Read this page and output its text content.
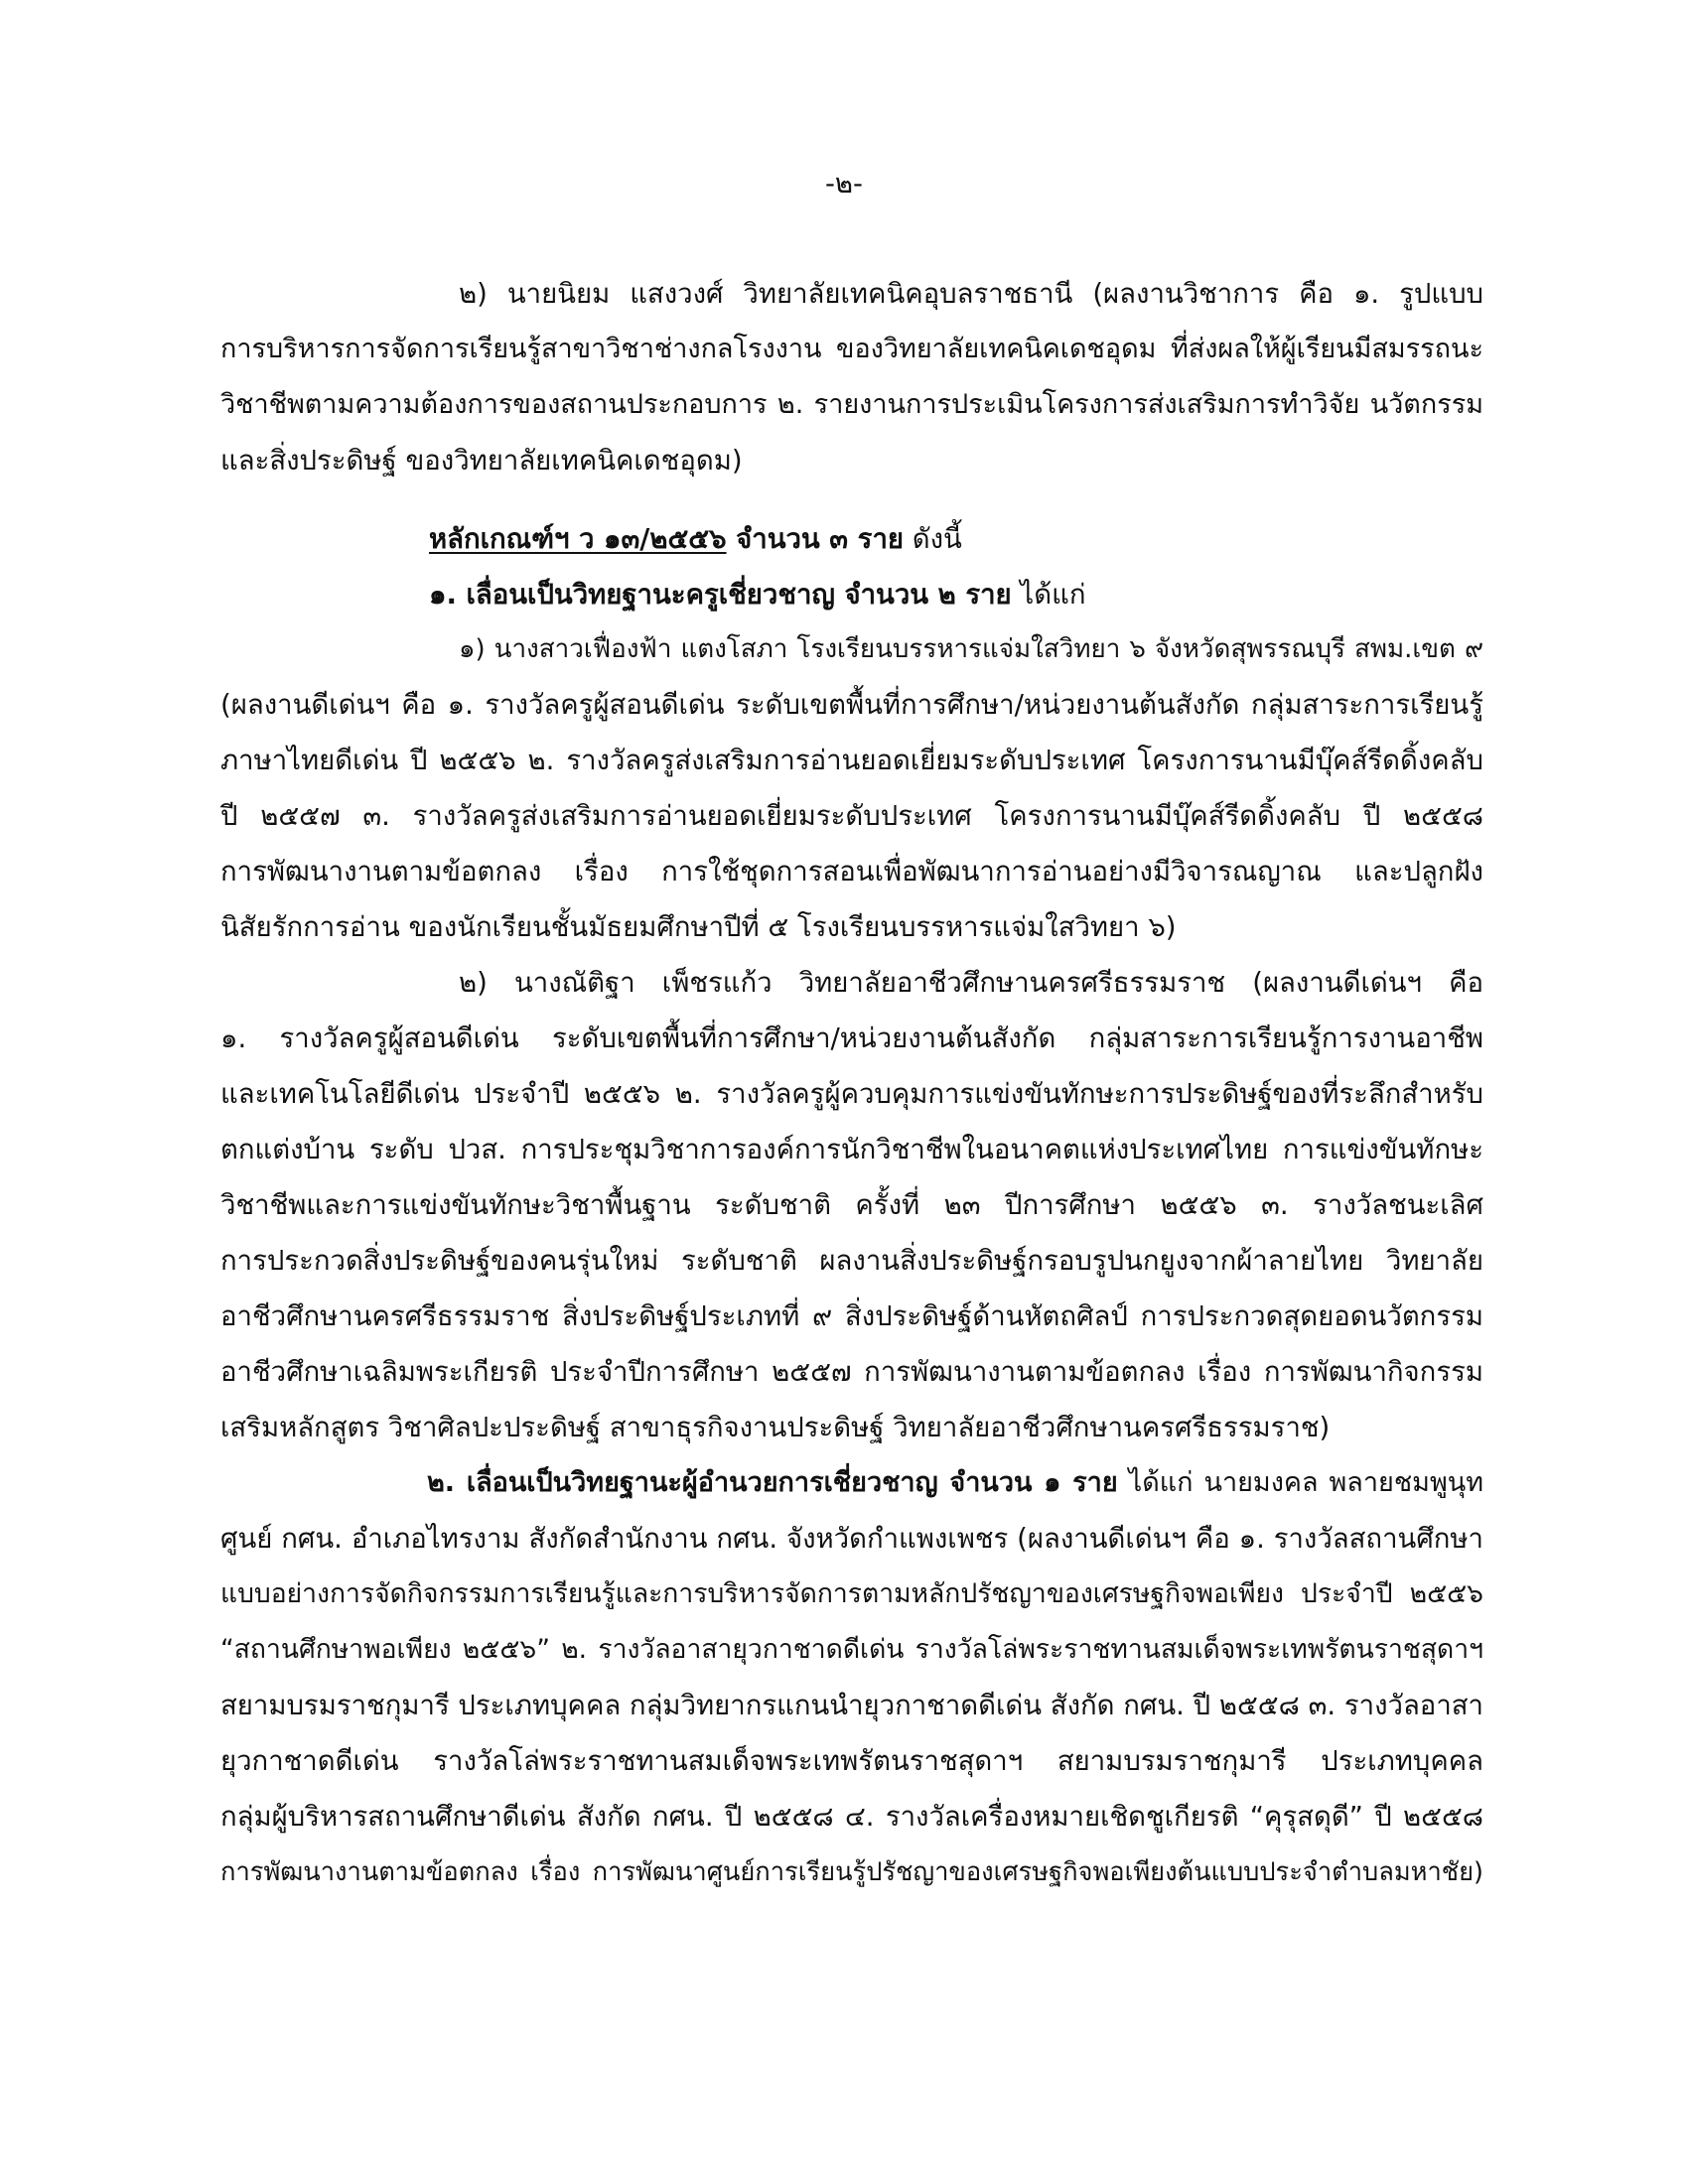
-๒-
๒) นายนิยม แสงวงศ์ วิทยาลัยเทคนิคอุบลราชธานี (ผลงานวิชาการ คือ ๑. รูปแบบ
การบริหารการจัดการเรียนรู้สาขาวิชาช่างกลโรงงาน ของวิทยาลัยเทคนิคเดชอุดม ที่ส่งผลให้ผู้เรียนมีสมรรถนะ
วิชาชีพตามความต้องการของสถานประกอบการ ๒. รายงานการประเมินโครงการส่งเสริมการทำวิจัย นวัตกรรม
และสิ่งประดิษฐ์ ของวิทยาลัยเทคนิคเดชอุดม)
หลักเกณฑ์ฯ ว ๑๓/๒๕๕๖ จำนวน ๓ ราย ดังนี้
๑. เลื่อนเป็นวิทยฐานะครูเชี่ยวชาญ จำนวน ๒ ราย ได้แก่
๑) นางสาวเฟื่องฟ้า แตงโสภา โรงเรียนบรรหารแจ่มใสวิทยา ๖ จังหวัดสุพรรณบุรี สพม.เขต ๙
(ผลงานดีเด่นฯ คือ ๑. รางวัลครูผู้สอนดีเด่น ระดับเขตพื้นที่การศึกษา/หน่วยงานต้นสังกัด กลุ่มสาระการเรียนรู้
ภาษาไทยดีเด่น ปี ๒๕๕๖ ๒. รางวัลครูส่งเสริมการอ่านยอดเยี่ยมระดับประเทศ โครงการนานมีบุ๊คส์รีดดิ้งคลับ
ปี ๒๕๕๗ ๓. รางวัลครูส่งเสริมการอ่านยอดเยี่ยมระดับประเทศ โครงการนานมีบุ๊คส์รีดดิ้งคลับ ปี ๒๕๕๘
การพัฒนางานตามข้อตกลง เรื่อง การใช้ชุดการสอนเพื่อพัฒนาการอ่านอย่างมีวิจารณญาณ และปลูกฝัง
นิสัยรักการอ่าน ของนักเรียนชั้นมัธยมศึกษาปีที่ ๕ โรงเรียนบรรหารแจ่มใสวิทยา ๖)
๒) นางณัติฐา เพ็ชรแก้ว วิทยาลัยอาชีวศึกษานครศรีธรรมราช (ผลงานดีเด่นฯ คือ
๑. รางวัลครูผู้สอนดีเด่น ระดับเขตพื้นที่การศึกษา/หน่วยงานต้นสังกัด กลุ่มสาระการเรียนรู้การงานอาชีพ
และเทคโนโลยีดีเด่น ประจำปี ๒๕๕๖ ๒. รางวัลครูผู้ควบคุมการแข่งขันทักษะการประดิษฐ์ของที่ระลึกสำหรับ
ตกแต่งบ้าน ระดับ ปวส. การประชุมวิชาการองค์การนักวิชาชีพในอนาคตแห่งประเทศไทย การแข่งขันทักษะ
วิชาชีพและการแข่งขันทักษะวิชาพื้นฐาน ระดับชาติ ครั้งที่ ๒๓ ปีการศึกษา ๒๕๕๖ ๓. รางวัลชนะเลิศ
การประกวดสิ่งประดิษฐ์ของคนรุ่นใหม่ ระดับชาติ ผลงานสิ่งประดิษฐ์กรอบรูปนกยูงจากผ้าลายไทย วิทยาลัย
อาชีวศึกษานครศรีธรรมราช สิ่งประดิษฐ์ประเภทที่ ๙ สิ่งประดิษฐ์ด้านหัตถศิลป์ การประกวดสุดยอดนวัตกรรม
อาชีวศึกษาเฉลิมพระเกียรติ ประจำปีการศึกษา ๒๕๕๗ การพัฒนางานตามข้อตกลง เรื่อง การพัฒนากิจกรรม
เสริมหลักสูตร วิชาศิลปะประดิษฐ์ สาขาธุรกิจงานประดิษฐ์ วิทยาลัยอาชีวศึกษานครศรีธรรมราช)
๒. เลื่อนเป็นวิทยฐานะผู้อำนวยการเชี่ยวชาญ จำนวน ๑ ราย ได้แก่ นายมงคล พลายชมพูนุท
ศูนย์ กศน. อำเภอไทรงาม สังกัดสำนักงาน กศน. จังหวัดกำแพงเพชร (ผลงานดีเด่นฯ คือ ๑. รางวัลสถานศึกษา
แบบอย่างการจัดกิจกรรมการเรียนรู้และการบริหารจัดการตามหลักปรัชญาของเศรษฐกิจพอเพียง ประจำปี ๒๕๕๖
“สถานศึกษาพอเพียง ๒๕๕๖” ๒. รางวัลอาสายุวกาชาดดีเด่น รางวัลโล่พระราชทานสมเด็จพระเทพรัตนราชสุดาฯ
สยามบรมราชกุมารี ประเภทบุคคล กลุ่มวิทยากรแกนนำยุวกาชาดดีเด่น สังกัด กศน. ปี ๒๕๕๘ ๓. รางวัลอาสา
ยุวกาชาดดีเด่น รางวัลโล่พระราชทานสมเด็จพระเทพรัตนราชสุดาฯ สยามบรมราชกุมารี ประเภทบุคคล
กลุ่มผู้บริหารสถานศึกษาดีเด่น สังกัด กศน. ปี ๒๕๕๘ ๔. รางวัลเครื่องหมายเชิดชูเกียรติ “คุรุสดุดี” ปี ๒๕๕๘
การพัฒนางานตามข้อตกลง เรื่อง การพัฒนาศูนย์การเรียนรู้ปรัชญาของเศรษฐกิจพอเพียงต้นแบบประจำตำบลมหาชัย)
